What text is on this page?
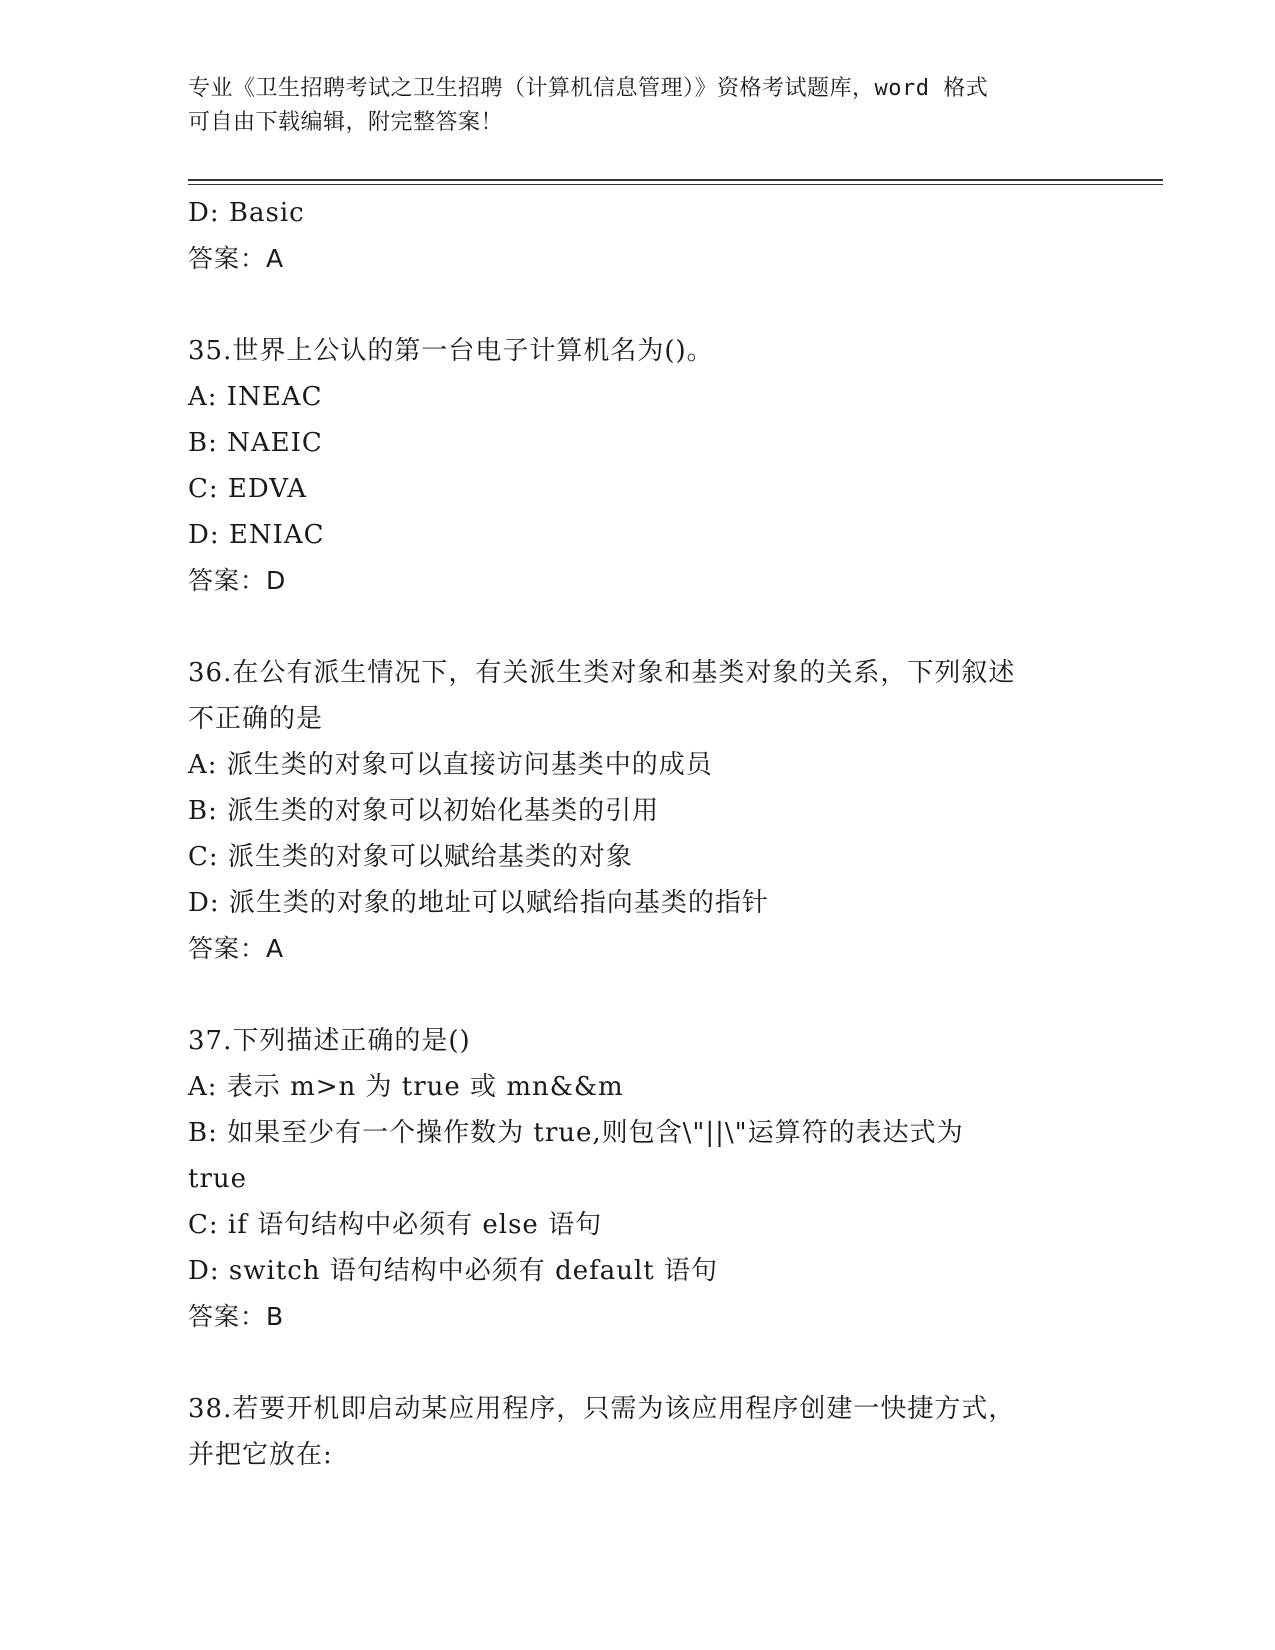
专业《卫生招聘考试之卫生招聘（计算机信息管理）》资格考试题库，word 格式
可自由下载编辑，附完整答案！
D: Basic
答案：A
35.世界上公认的第一台电子计算机名为()。
A: INEAC
B: NAEIC
C: EDVA
D: ENIAC
答案：D
36.在公有派生情况下，有关派生类对象和基类对象的关系，下列叙述
不正确的是
A: 派生类的对象可以直接访问基类中的成员
B: 派生类的对象可以初始化基类的引用
C: 派生类的对象可以赋给基类的对象
D: 派生类的对象的地址可以赋给指向基类的指针
答案：A
37.下列描述正确的是()
A: 表示 m>n 为 true 或 mn&&m
B: 如果至少有一个操作数为 true,则包含\"||\"运算符的表达式为
true
C: if 语句结构中必须有 else 语句
D: switch 语句结构中必须有 default 语句
答案：B
38.若要开机即启动某应用程序，只需为该应用程序创建一快捷方式，
并把它放在:
